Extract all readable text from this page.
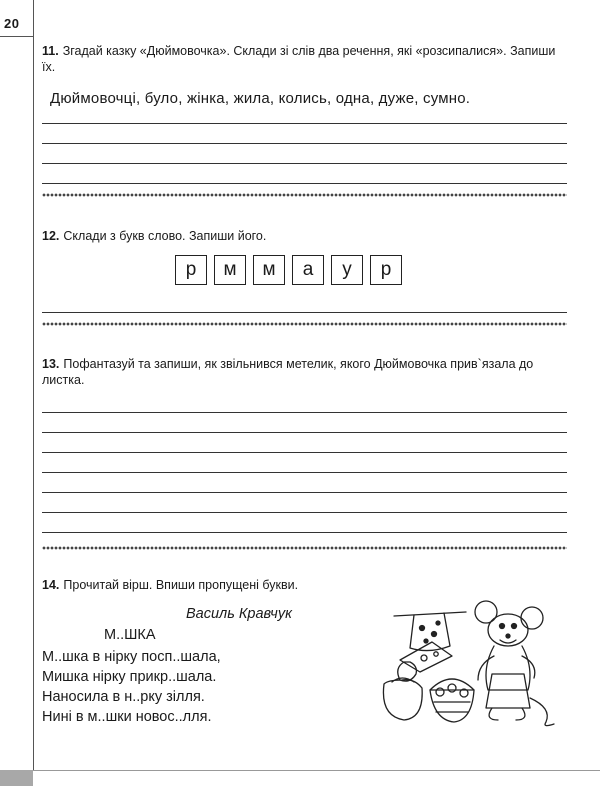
20
11. Згадай казку «Дюймовочка». Склади зі слів два речення, які «розсипалися». Запиши їх.
Дюймовочці, було, жінка, жила, колись, одна, дуже, сумно.
12. Склади з букв слово. Запиши його.
р	м	м	а	у	р
13. Пофантазуй та запиши, як звільнився метелик, якого Дюймовочка прив`язала до листка.
14. Прочитай вірш. Впиши пропущені букви.
Василь Кравчук
М..ШКА
М..шка в нірку посп..шала,
Мишка нірку прикр..шала.
Наносила в н..рку зілля.
Нині в м..шки новос..лля.
